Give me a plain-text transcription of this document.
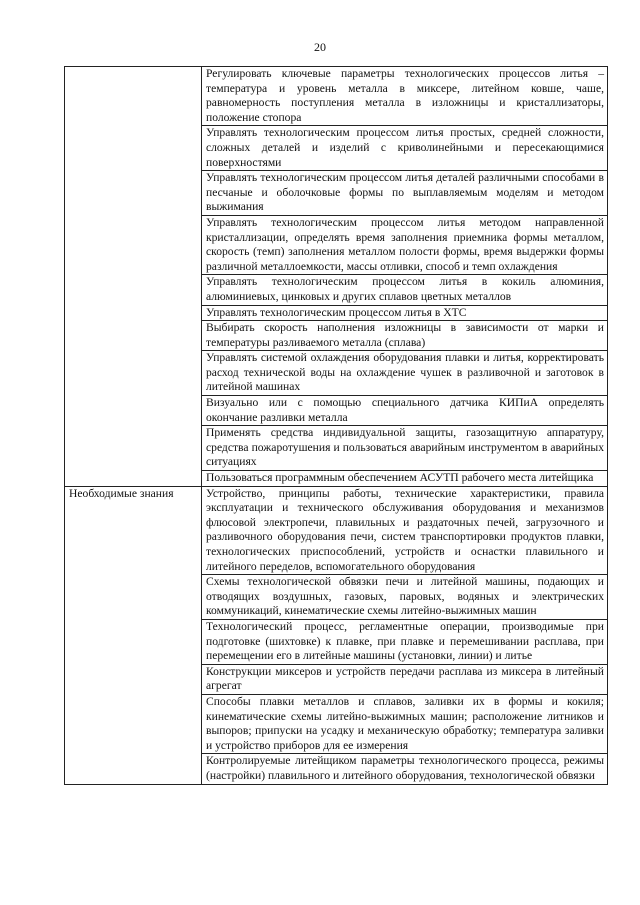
20
	Регулировать ключевые параметры технологических процессов литья – температура и уровень металла в миксере, литейном ковше, чаше, равномерность поступления металла в изложницы и кристаллизаторы, положение стопора
	Управлять технологическим процессом литья простых, средней сложности, сложных деталей и изделий с криволинейными и пересекающимися поверхностями
	Управлять технологическим процессом литья деталей различными способами в песчаные и оболочковые формы по выплавляемым моделям и методом выжимания
	Управлять технологическим процессом литья методом направленной кристаллизации, определять время заполнения приемника формы металлом, скорость (темп) заполнения металлом полости формы, время выдержки формы различной металлоемкости, массы отливки, способ и темп охлаждения
	Управлять технологическим процессом литья в кокиль алюминия, алюминиевых, цинковых и других сплавов цветных металлов
	Управлять технологическим процессом литья в ХТС
	Выбирать скорость наполнения изложницы в зависимости от марки и температуры разливаемого металла (сплава)
	Управлять системой охлаждения оборудования плавки и литья, корректировать расход технической воды на охлаждение чушек в разливочной и заготовок в литейной машинах
	Визуально или с помощью специального датчика КИПиА определять окончание разливки металла
	Применять средства индивидуальной защиты, газозащитную аппаратуру, средства пожаротушения и пользоваться аварийным инструментом в аварийных ситуациях
	Пользоваться программным обеспечением АСУТП рабочего места литейщика
Необходимые знания	Устройство, принципы работы, технические характеристики, правила эксплуатации и технического обслуживания оборудования и механизмов флюсовой электропечи, плавильных и раздаточных печей, загрузочного и разливочного оборудования печи, систем транспортировки продуктов плавки, технологических приспособлений, устройств и оснастки плавильного и литейного переделов, вспомогательного оборудования
	Схемы технологической обвязки печи и литейной машины, подающих и отводящих воздушных, газовых, паровых, водяных и электрических коммуникаций, кинематические схемы литейно-выжимных машин
	Технологический процесс, регламентные операции, производимые при подготовке (шихтовке) к плавке, при плавке и перемешивании расплава, при перемещении его в литейные машины (установки, линии) и литье
	Конструкции миксеров и устройств передачи расплава из миксера в литейный агрегат
	Способы плавки металлов и сплавов, заливки их в формы и кокиля; кинематические схемы литейно-выжимных машин; расположение литников и выпоров; припуски на усадку и механическую обработку; температура заливки и устройство приборов для ее измерения
	Контролируемые литейщиком параметры технологического процесса, режимы (настройки) плавильного и литейного оборудования, технологической обвязки
